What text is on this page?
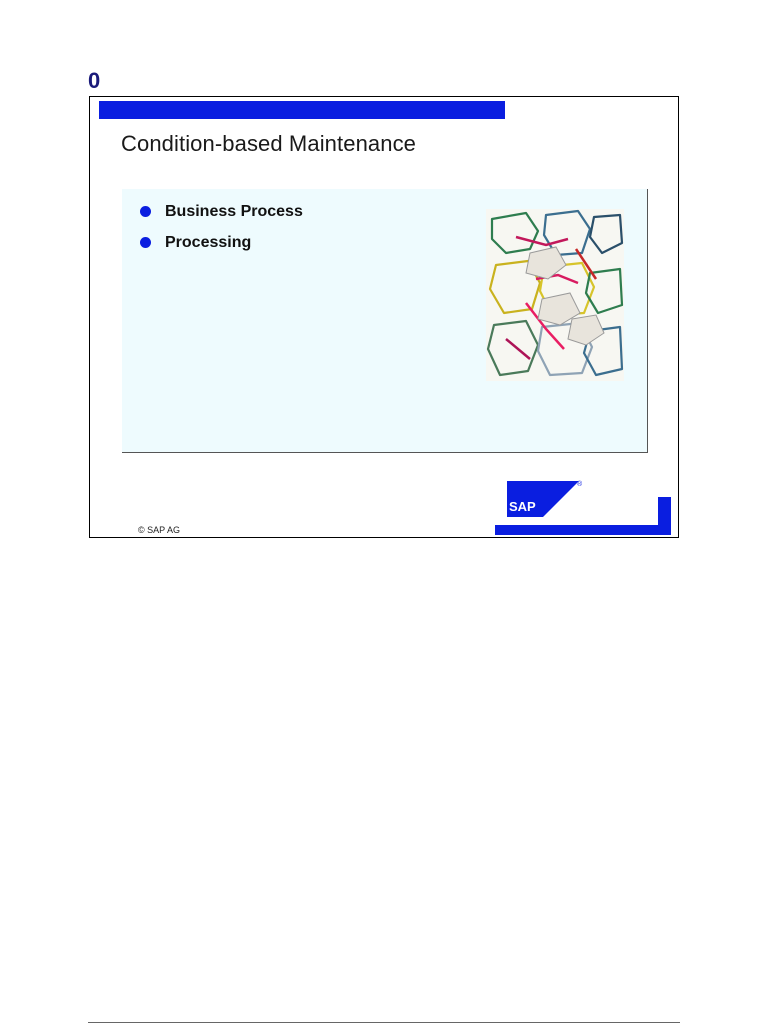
0
Condition-based Maintenance
Business Process
Processing
© SAP AG
SAP
®
